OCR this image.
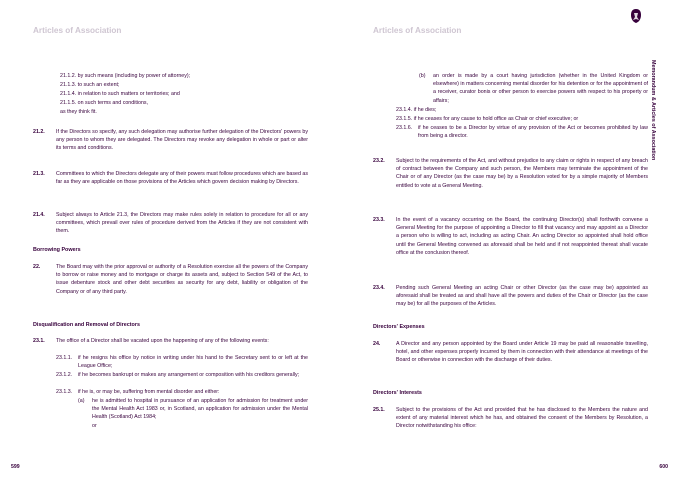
Articles of Association
21.1.2. by such means (including by power of attorney);
21.1.3. to such an extent;
21.1.4. in relation to such matters or territories; and
21.1.5. on such terms and conditions,
as they think fit.
21.2. If the Directors so specify, any such delegation may authorise further delegation of the Directors' powers by any person to whom they are delegated. The Directors may revoke any delegation in whole or part or alter its terms and conditions.
21.3. Committees to which the Directors delegate any of their powers must follow procedures which are based as far as they are applicable on those provisions of the Articles which govern decision making by Directors.
21.4. Subject always to Article 21.3, the Directors may make rules solely in relation to procedure for all or any committees, which prevail over rules of procedure derived from the Articles if they are not consistent with them.
Borrowing Powers
22.	The Board may with the prior approval or authority of a Resolution exercise all the powers of the Company to borrow or raise money and to mortgage or charge its assets and, subject to Section 549 of the Act, to issue debenture stock and other debt securities as security for any debt, liability or obligation of the Company or of any third party.
Disqualification and Removal of Directors
23.1. The office of a Director shall be vacated upon the happening of any of the following events:
23.1.1. if he resigns his office by notice in writing under his hand to the Secretary sent to or left at the League Office;
23.1.2. if he becomes bankrupt or makes any arrangement or composition with his creditors generally;
23.1.3. if he is, or may be, suffering from mental disorder and either:
(a) he is admitted to hospital in pursuance of an application for admission for treatment under the Mental Health Act 1983 or, in Scotland, an application for admission under the Mental Health (Scotland) Act 1984;
or
599
Articles of Association
(b) an order is made by a court having jurisdiction (whether in the United Kingdom or elsewhere) in matters concerning mental disorder for his detention or for the appointment of a receiver, curator bonis or other person to exercise powers with respect to his property or affairs;
23.1.4. if he dies;
23.1.5. if he ceases for any cause to hold office as Chair or chief executive; or
23.1.6. if he ceases to be a Director by virtue of any provision of the Act or becomes prohibited by law from being a director.
23.2. Subject to the requirements of the Act, and without prejudice to any claim or rights in respect of any breach of contract between the Company and such person, the Members may terminate the appointment of the Chair or of any Director (as the case may be) by a Resolution voted for by a simple majority of Members entitled to vote at a General Meeting.
23.3. In the event of a vacancy occurring on the Board, the continuing Director(s) shall forthwith convene a General Meeting for the purpose of appointing a Director to fill that vacancy and may appoint as a Director a person who is willing to act, including as acting Chair. An acting Director so appointed shall hold office until the General Meeting convened as aforesaid shall be held and if not reappointed thereat shall vacate office at the conclusion thereof.
23.4. Pending such General Meeting an acting Chair or other Director (as the case may be) appointed as aforesaid shall be treated as and shall have all the powers and duties of the Chair or Director (as the case may be) for all the purposes of the Articles.
Directors' Expenses
24.	A Director and any person appointed by the Board under Article 19 may be paid all reasonable travelling, hotel, and other expenses properly incurred by them in connection with their attendance at meetings of the Board or otherwise in connection with the discharge of their duties.
Directors' Interests
25.1. Subject to the provisions of the Act and provided that he has disclosed to the Members the nature and extent of any material interest which he has, and obtained the consent of the Members by Resolution, a Director notwithstanding his office:
600
Memorandum & Articles of Association
